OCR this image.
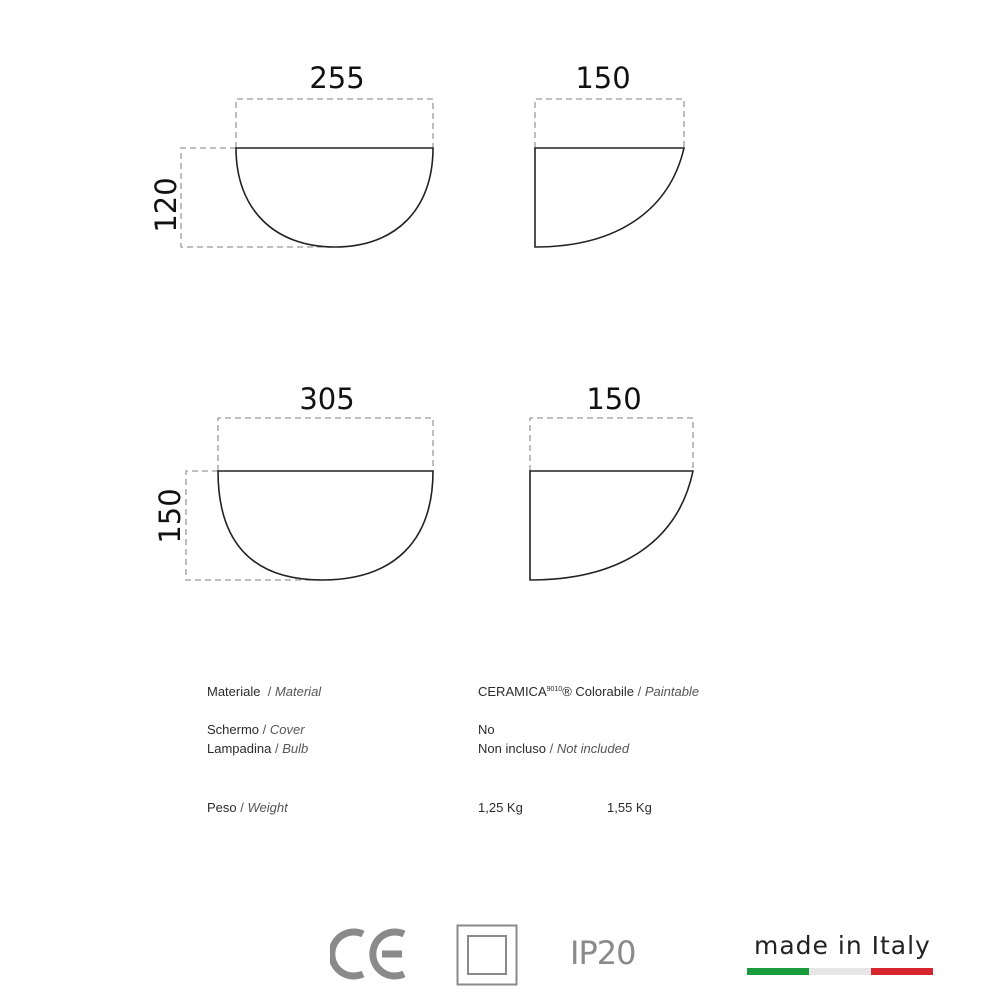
255
120
150
305
150
150
Materiale / Material	$CERAMICA^{9010}®$ Colorabile / Paintable
Schermo / Cover	No
Lampadina / Bulb	Non incluso / Not included
Peso / Weight	1,25 Kg	1,55 Kg
IP20	made in Italy
